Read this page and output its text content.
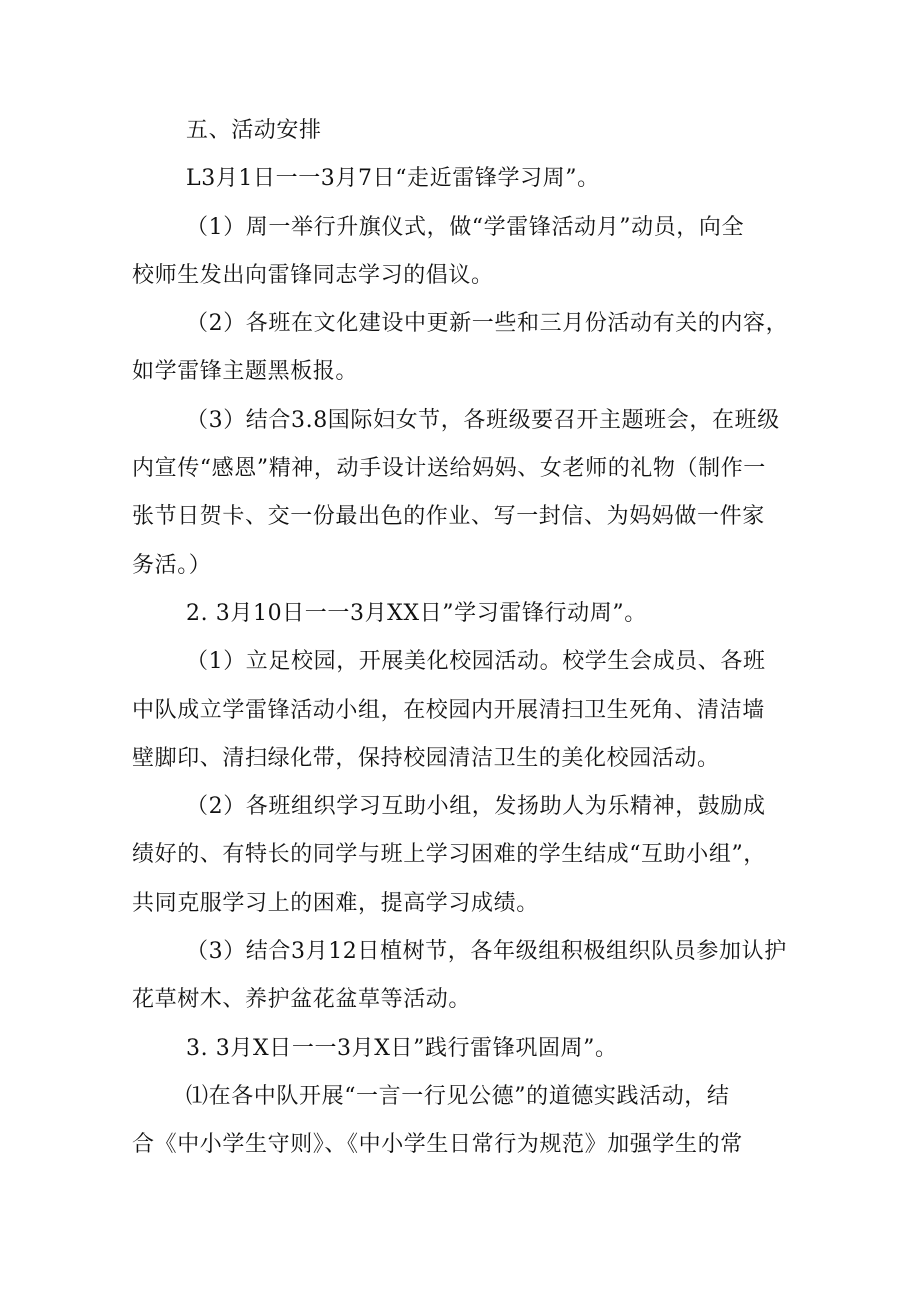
五、活动安排
L3月1日一一3月7日“走近雷锋学习周”。
（1）周一举行升旗仪式，做“学雷锋活动月”动员，向全
校师生发出向雷锋同志学习的倡议。
（2）各班在文化建设中更新一些和三月份活动有关的内容，
如学雷锋主题黑板报。
（3）结合3.8国际妇女节，各班级要召开主题班会，在班级
内宣传“感恩”精神，动手设计送给妈妈、女老师的礼物（制作一
张节日贺卡、交一份最出色的作业、写一封信、为妈妈做一件家
务活。）
2. 3月10日一一3月XX日”学习雷锋行动周”。
（1）立足校园，开展美化校园活动。校学生会成员、各班
中队成立学雷锋活动小组，在校园内开展清扫卫生死角、清洁墙
壁脚印、清扫绿化带，保持校园清洁卫生的美化校园活动。
（2）各班组织学习互助小组，发扬助人为乐精神，鼓励成
绩好的、有特长的同学与班上学习困难的学生结成“互助小组”，
共同克服学习上的困难，提高学习成绩。
（3）结合3月12日植树节，各年级组积极组织队员参加认护
花草树木、养护盆花盆草等活动。
3. 3月X日一一3月X日”践行雷锋巩固周”。
⑴在各中队开展“一言一行见公德”的道德实践活动，结
合《中小学生守则》、《中小学生日常行为规范》加强学生的常
